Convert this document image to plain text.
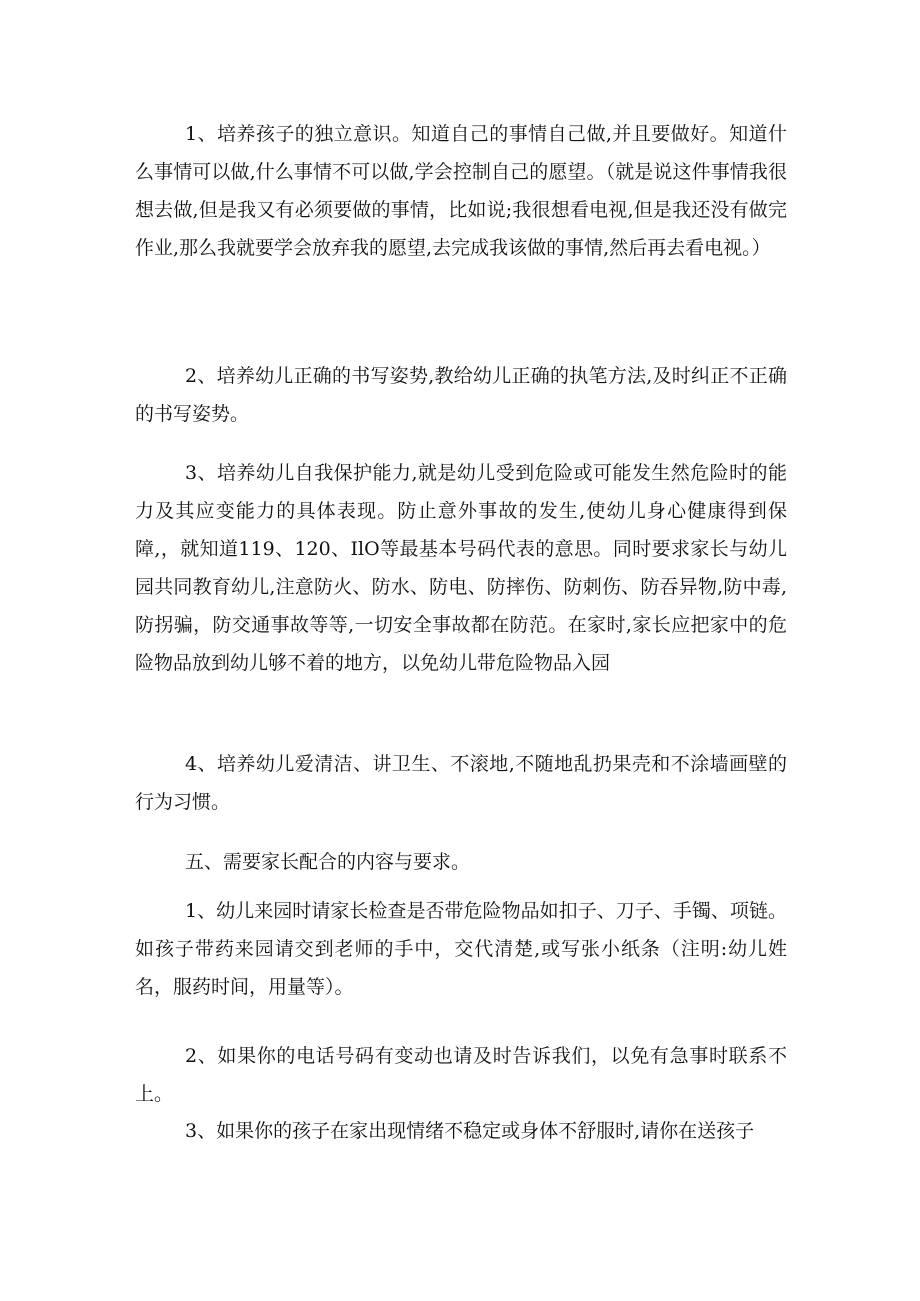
1、培养孩子的独立意识。知道自己的事情自己做,并且要做好。知道什么事情可以做,什么事情不可以做,学会控制自己的愿望。（就是说这件事情我很想去做,但是我又有必须要做的事情，比如说;我很想看电视,但是我还没有做完作业,那么我就要学会放弃我的愿望,去完成我该做的事情,然后再去看电视。）

2、培养幼儿正确的书写姿势,教给幼儿正确的执笔方法,及时纠正不正确的书写姿势。

3、培养幼儿自我保护能力,就是幼儿受到危险或可能发生然危险时的能力及其应变能力的具体表现。防止意外事故的发生,使幼儿身心健康得到保障,，就知道119、120、IlO等最基本号码代表的意思。同时要求家长与幼儿园共同教育幼儿,注意防火、防水、防电、防摔伤、防刺伤、防吞异物,防中毒,防拐骗，防交通事故等等,一切安全事故都在防范。在家时,家长应把家中的危险物品放到幼儿够不着的地方，以免幼儿带危险物品入园

4、培养幼儿爱清洁、讲卫生、不滚地,不随地乱扔果壳和不涂墙画壁的行为习惯。

五、需要家长配合的内容与要求。

1、幼儿来园时请家长检查是否带危险物品如扣子、刀子、手镯、项链。如孩子带药来园请交到老师的手中，交代清楚,或写张小纸条（注明:幼儿姓名，服药时间，用量等）。

2、如果你的电话号码有变动也请及时告诉我们，以免有急事时联系不上。

3、如果你的孩子在家出现情绪不稳定或身体不舒服时,请你在送孩子
